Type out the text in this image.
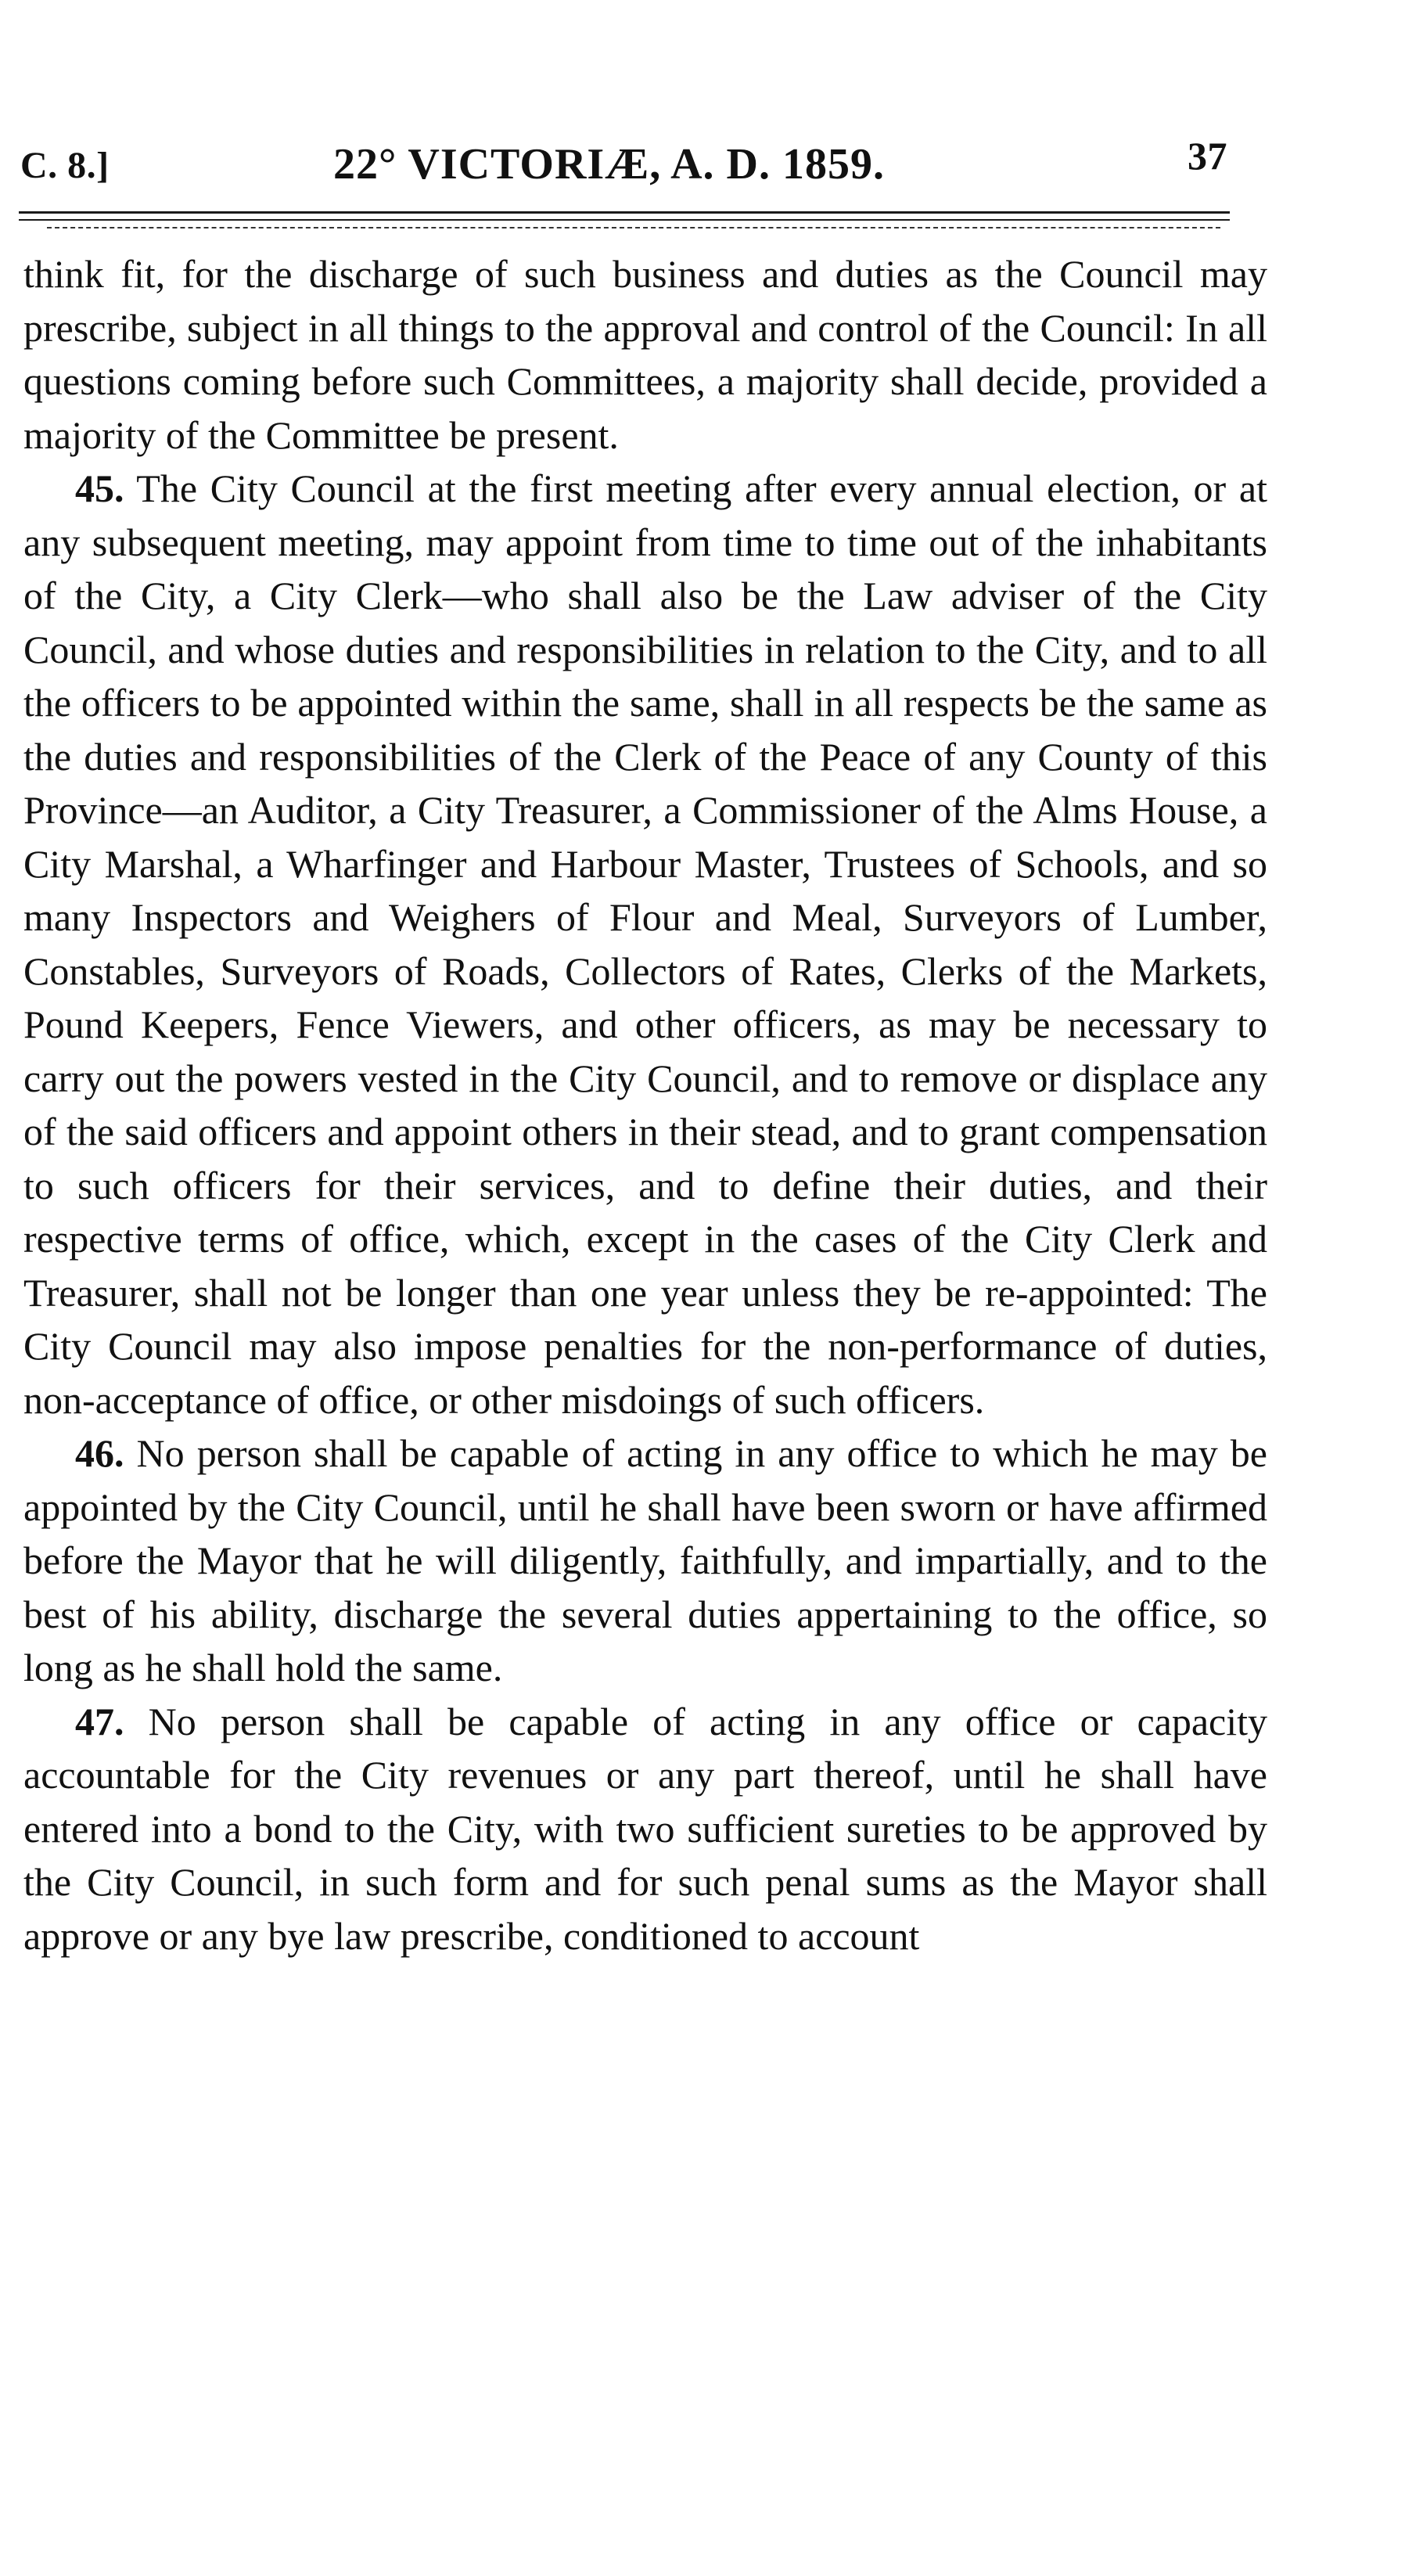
C. 8.]	22° VICTORIÆ, A. D. 1859.	37

think fit, for the discharge of such business and duties as the Council may prescribe, subject in all things to the approval and control of the Council: In all questions coming before such Committees, a majority shall decide, provided a majority of the Committee be present.

45. The City Council at the first meeting after every annual election, or at any subsequent meeting, may appoint from time to time out of the inhabitants of the City, a City Clerk—who shall also be the Law adviser of the City Council, and whose duties and responsibilities in relation to the City, and to all the officers to be appointed within the same, shall in all respects be the same as the duties and responsibilities of the Clerk of the Peace of any County of this Province—an Auditor, a City Treasurer, a Commissioner of the Alms House, a City Marshal, a Wharfinger and Harbour Master, Trustees of Schools, and so many Inspectors and Weighers of Flour and Meal, Surveyors of Lumber, Constables, Surveyors of Roads, Collectors of Rates, Clerks of the Markets, Pound Keepers, Fence Viewers, and other officers, as may be necessary to carry out the powers vested in the City Council, and to remove or displace any of the said officers and appoint others in their stead, and to grant compensation to such officers for their services, and to define their duties, and their respective terms of office, which, except in the cases of the City Clerk and Treasurer, shall not be longer than one year unless they be re-appointed: The City Council may also impose penalties for the non-performance of duties, non-acceptance of office, or other misdoings of such officers.

46. No person shall be capable of acting in any office to which he may be appointed by the City Council, until he shall have been sworn or have affirmed before the Mayor that he will diligently, faithfully, and impartially, and to the best of his ability, discharge the several duties appertaining to the office, so long as he shall hold the same.

47. No person shall be capable of acting in any office or capacity accountable for the City revenues or any part thereof, until he shall have entered into a bond to the City, with two sufficient sureties to be approved by the City Council, in such form and for such penal sums as the Mayor shall approve or any bye law prescribe, conditioned to account
